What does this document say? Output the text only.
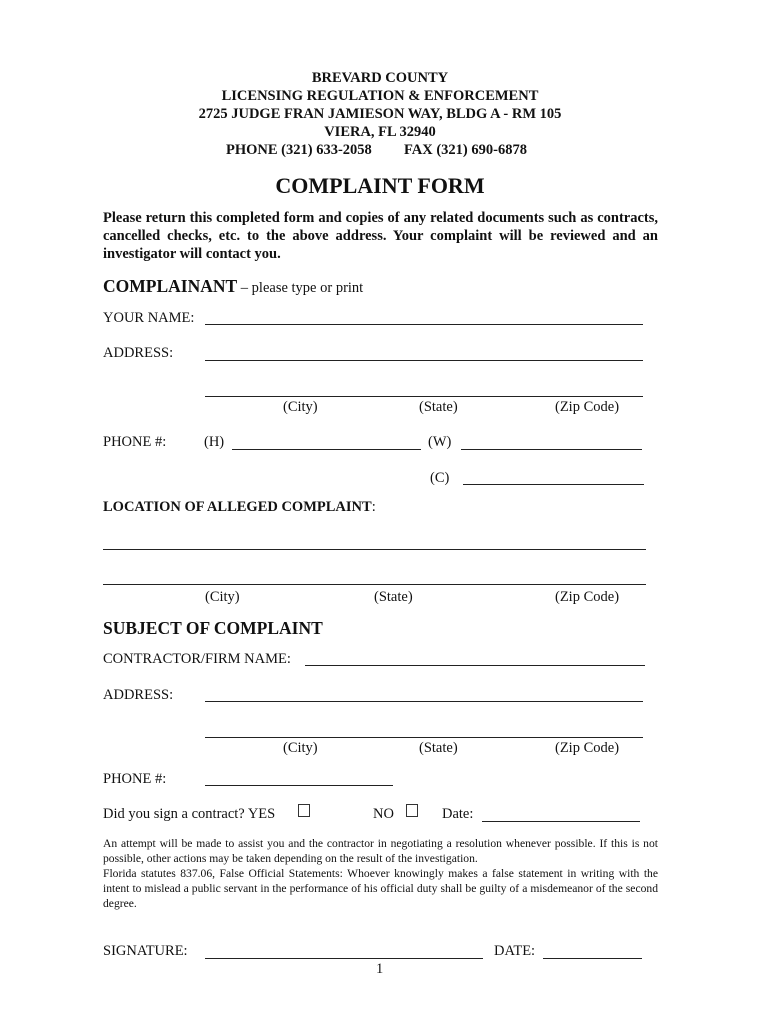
BREVARD COUNTY
LICENSING REGULATION & ENFORCEMENT
2725 JUDGE FRAN JAMIESON WAY, BLDG A - RM 105
VIERA, FL 32940
PHONE (321) 633-2058 FAX (321) 690-6878
COMPLAINT FORM
Please return this completed form and copies of any related documents such as contracts, cancelled checks, etc. to the above address. Your complaint will be reviewed and an investigator will contact you.
COMPLAINANT – please type or print
YOUR NAME:
ADDRESS:
(City)	(State)	(Zip Code)
PHONE #:	(H)	(W)
(C)
LOCATION OF ALLEGED COMPLAINT:
(City)	(State)	(Zip Code)
SUBJECT OF COMPLAINT
CONTRACTOR/FIRM NAME:
ADDRESS:
(City)	(State)	(Zip Code)
PHONE #:
Did you sign a contract? YES	NO	Date:
An attempt will be made to assist you and the contractor in negotiating a resolution whenever possible. If this is not possible, other actions may be taken depending on the result of the investigation.
Florida statutes 837.06, False Official Statements: Whoever knowingly makes a false statement in writing with the intent to mislead a public servant in the performance of his official duty shall be guilty of a misdemeanor of the second degree.
SIGNATURE:	DATE:
1
